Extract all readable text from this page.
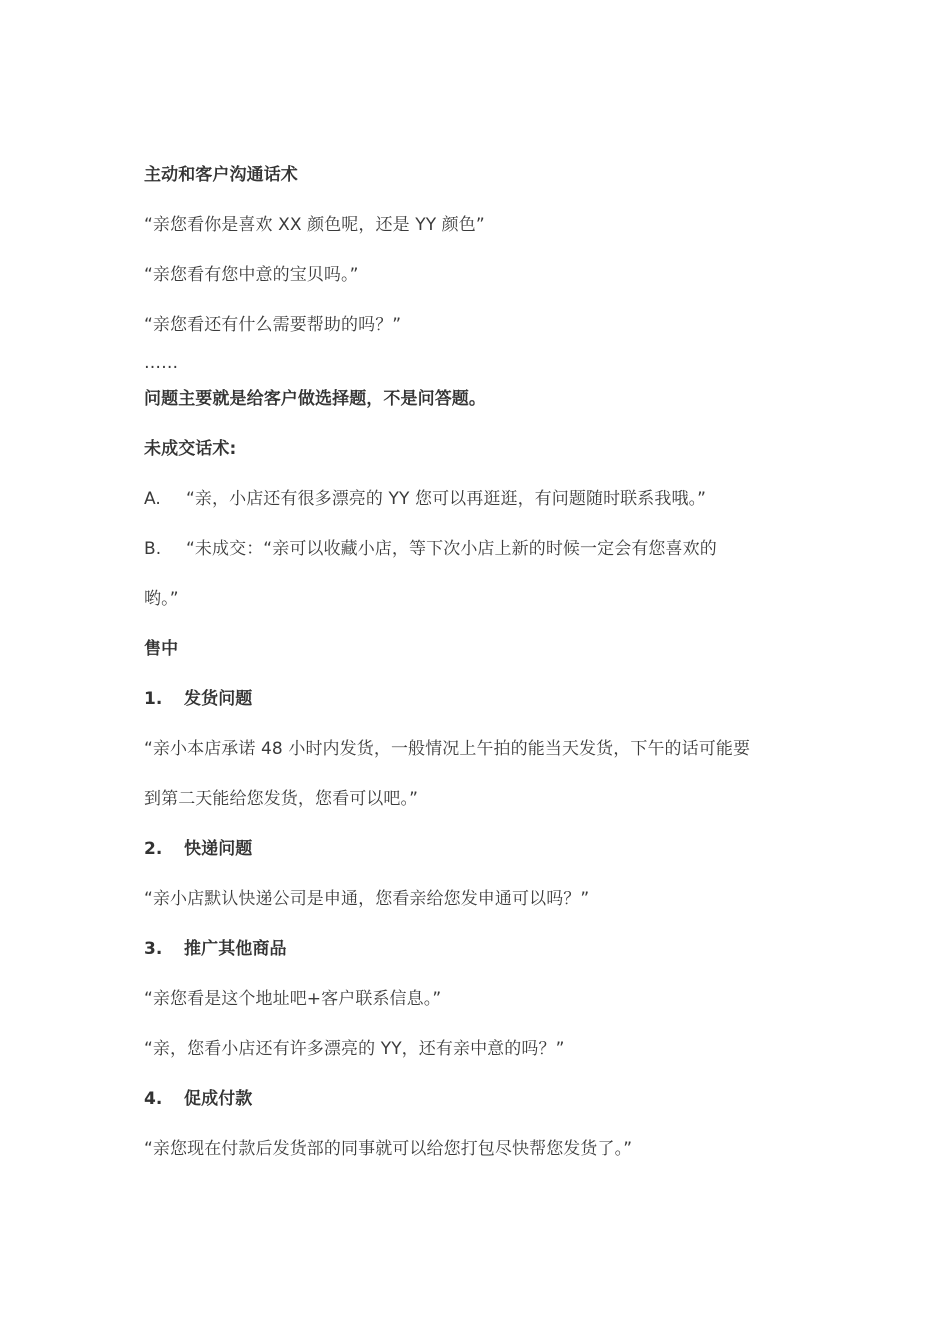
主动和客户沟通话术
“亲您看你是喜欢 XX 颜色呢，还是 YY 颜色”
“亲您看有您中意的宝贝吗。”
“亲您看还有什么需要帮助的吗？”
……
问题主要就是给客户做选择题，不是问答题。
未成交话术:
A. “亲，小店还有很多漂亮的 YY 您可以再逛逛，有问题随时联系我哦。”
B. “未成交：“亲可以收藏小店，等下次小店上新的时候一定会有您喜欢的
哟。”
售中
1. 发货问题
“亲小本店承诺 48 小时内发货，一般情况上午拍的能当天发货，下午的话可能要
到第二天能给您发货，您看可以吧。”
2. 快递问题
“亲小店默认快递公司是申通，您看亲给您发申通可以吗？”
3. 推广其他商品
“亲您看是这个地址吧+客户联系信息。”
“亲，您看小店还有许多漂亮的 YY，还有亲中意的吗？”
4. 促成付款
“亲您现在付款后发货部的同事就可以给您打包尽快帮您发货了。”
